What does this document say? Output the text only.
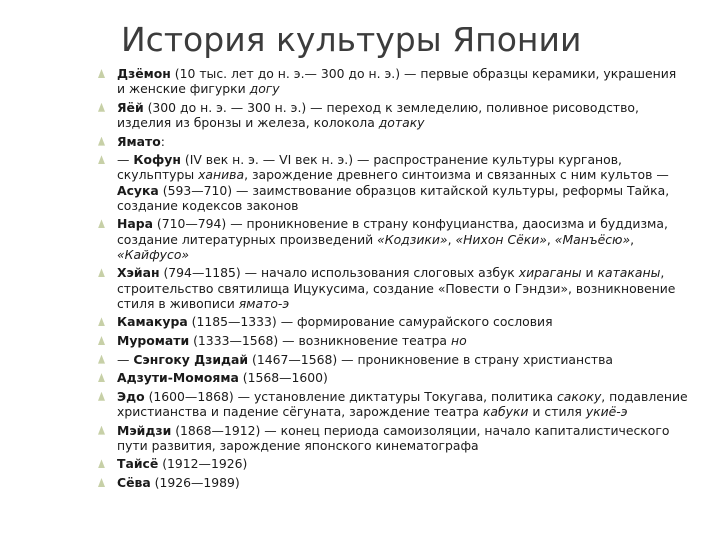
История культуры Японии
Дзёмон (10 тыс. лет до н. э.— 300 до н. э.) — первые образцы керамики, украшения и женские фигурки догу
Яёй (300 до н. э. — 300 н. э.) — переход к земледелию, поливное рисоводство, изделия из бронзы и железа, колокола дотаку
Ямато:
— Кофун (IV век н. э. — VI век н. э.) — распространение культуры курганов, скульптуры ханива, зарождение древнего синтоизма и связанных с ним культов — Асука (593—710) — заимствование образцов китайской культуры, реформы Тайка, создание кодексов законов
Нара (710—794) — проникновение в страну конфуцианства, даосизма и буддизма, создание литературных произведений «Кодзики», «Нихон Сёки», «Манъёсю», «Кайфусо»
Хэйан (794—1185) — начало использования слоговых азбук хираганы и катаканы, строительство святилища Ицукусима, создание «Повести о Гэндзи», возникновение стиля в живописи ямато-э
Камакура (1185—1333) — формирование самурайского сословия
Муромати (1333—1568) — возникновение театра но
— Сэнгоку Дзидай (1467—1568) — проникновение в страну христианства
Адзути-Момояма (1568—1600)
Эдо (1600—1868) — установление диктатуры Токугава, политика сакоку, подавление христианства и падение сёгуната, зарождение театра кабуки и стиля укиё-э
Мэйдзи (1868—1912) — конец периода самоизоляции, начало капиталистического пути развития, зарождение японского кинематографа
Тайсё (1912—1926)
Сёва (1926—1989)
